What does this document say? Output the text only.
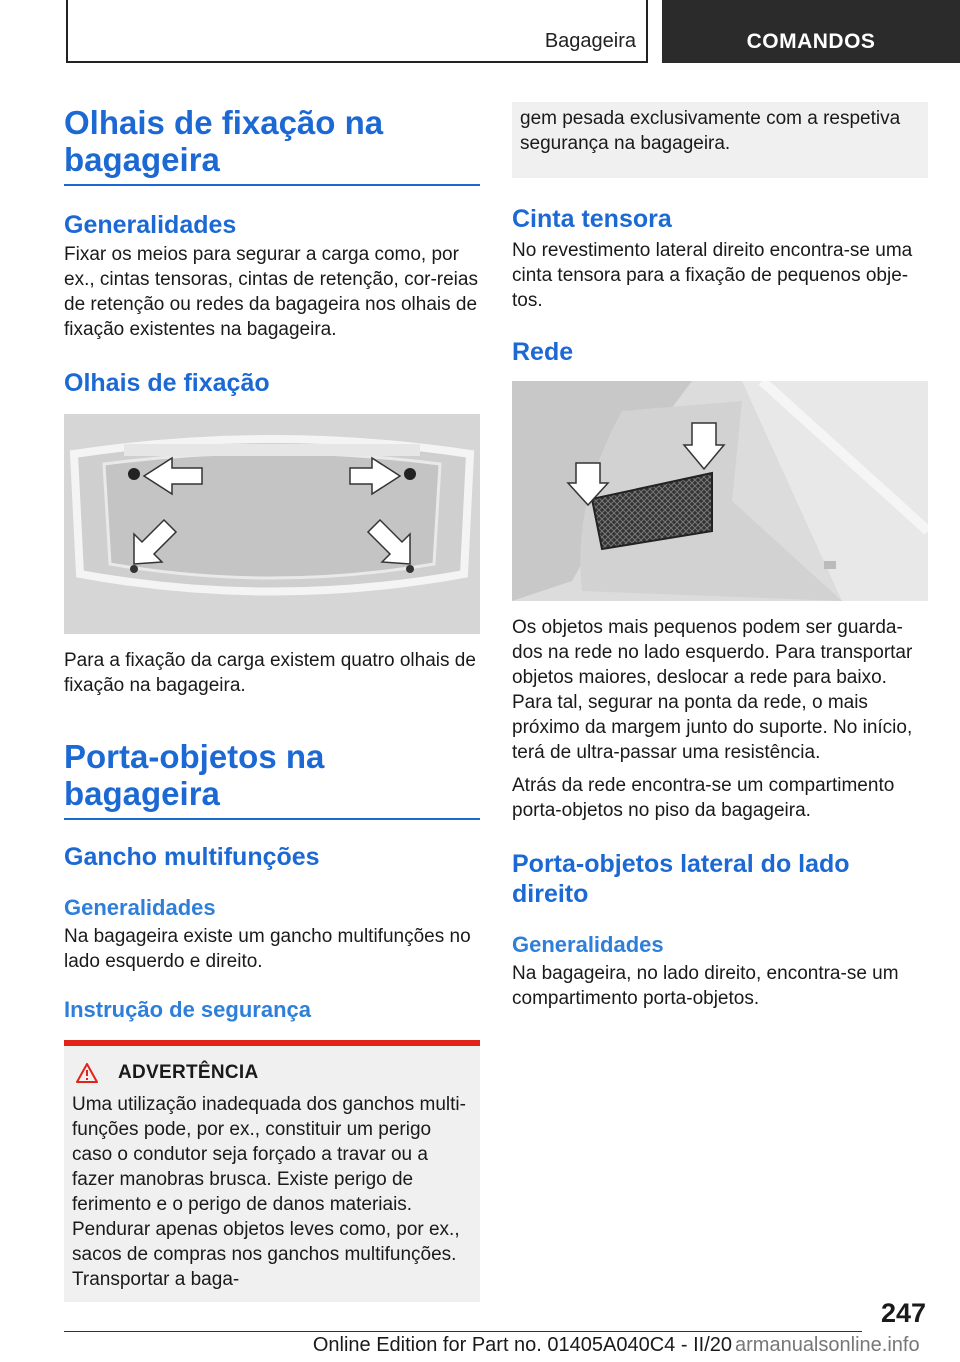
Bagageira	COMANDOS
Olhais de fixação na bagageira
Generalidades

Fixar os meios para segurar a carga como, por ex., cintas tensoras, cintas de retenção, cor-reias de retenção ou redes da bagageira nos olhais de fixação existentes na bagageira.

Olhais de fixação

Para a fixação da carga existem quatro olhais de fixação na bagageira.

Porta-objetos na bagageira
Gancho multifunções
Generalidades

Na bagageira existe um gancho multifunções no lado esquerdo e direito.

Instrução de segurança
ADVERTÊNCIA

Uma utilização inadequada dos ganchos multi-funções pode, por ex., constituir um perigo caso o condutor seja forçado a travar ou a fazer manobras brusca. Existe perigo de ferimento e o perigo de danos materiais. Pendurar apenas objetos leves como, por ex., sacos de compras nos ganchos multifunções. Transportar a baga-

gem pesada exclusivamente com a respetiva segurança na bagageira.

Cinta tensora

No revestimento lateral direito encontra-se uma cinta tensora para a fixação de pequenos obje-tos.

Rede

Os objetos mais pequenos podem ser guarda-dos na rede no lado esquerdo. Para transportar objetos maiores, deslocar a rede para baixo. Para tal, segurar na ponta da rede, o mais próximo da margem junto do suporte. No início, terá de ultra-passar uma resistência.

Atrás da rede encontra-se um compartimento porta-objetos no piso da bagageira.

Porta-objetos lateral do lado direito
Generalidades

Na bagageira, no lado direito, encontra-se um compartimento porta-objetos.

247
Online Edition for Part no. 01405A040C4 - II/20 armanualsonline.info
